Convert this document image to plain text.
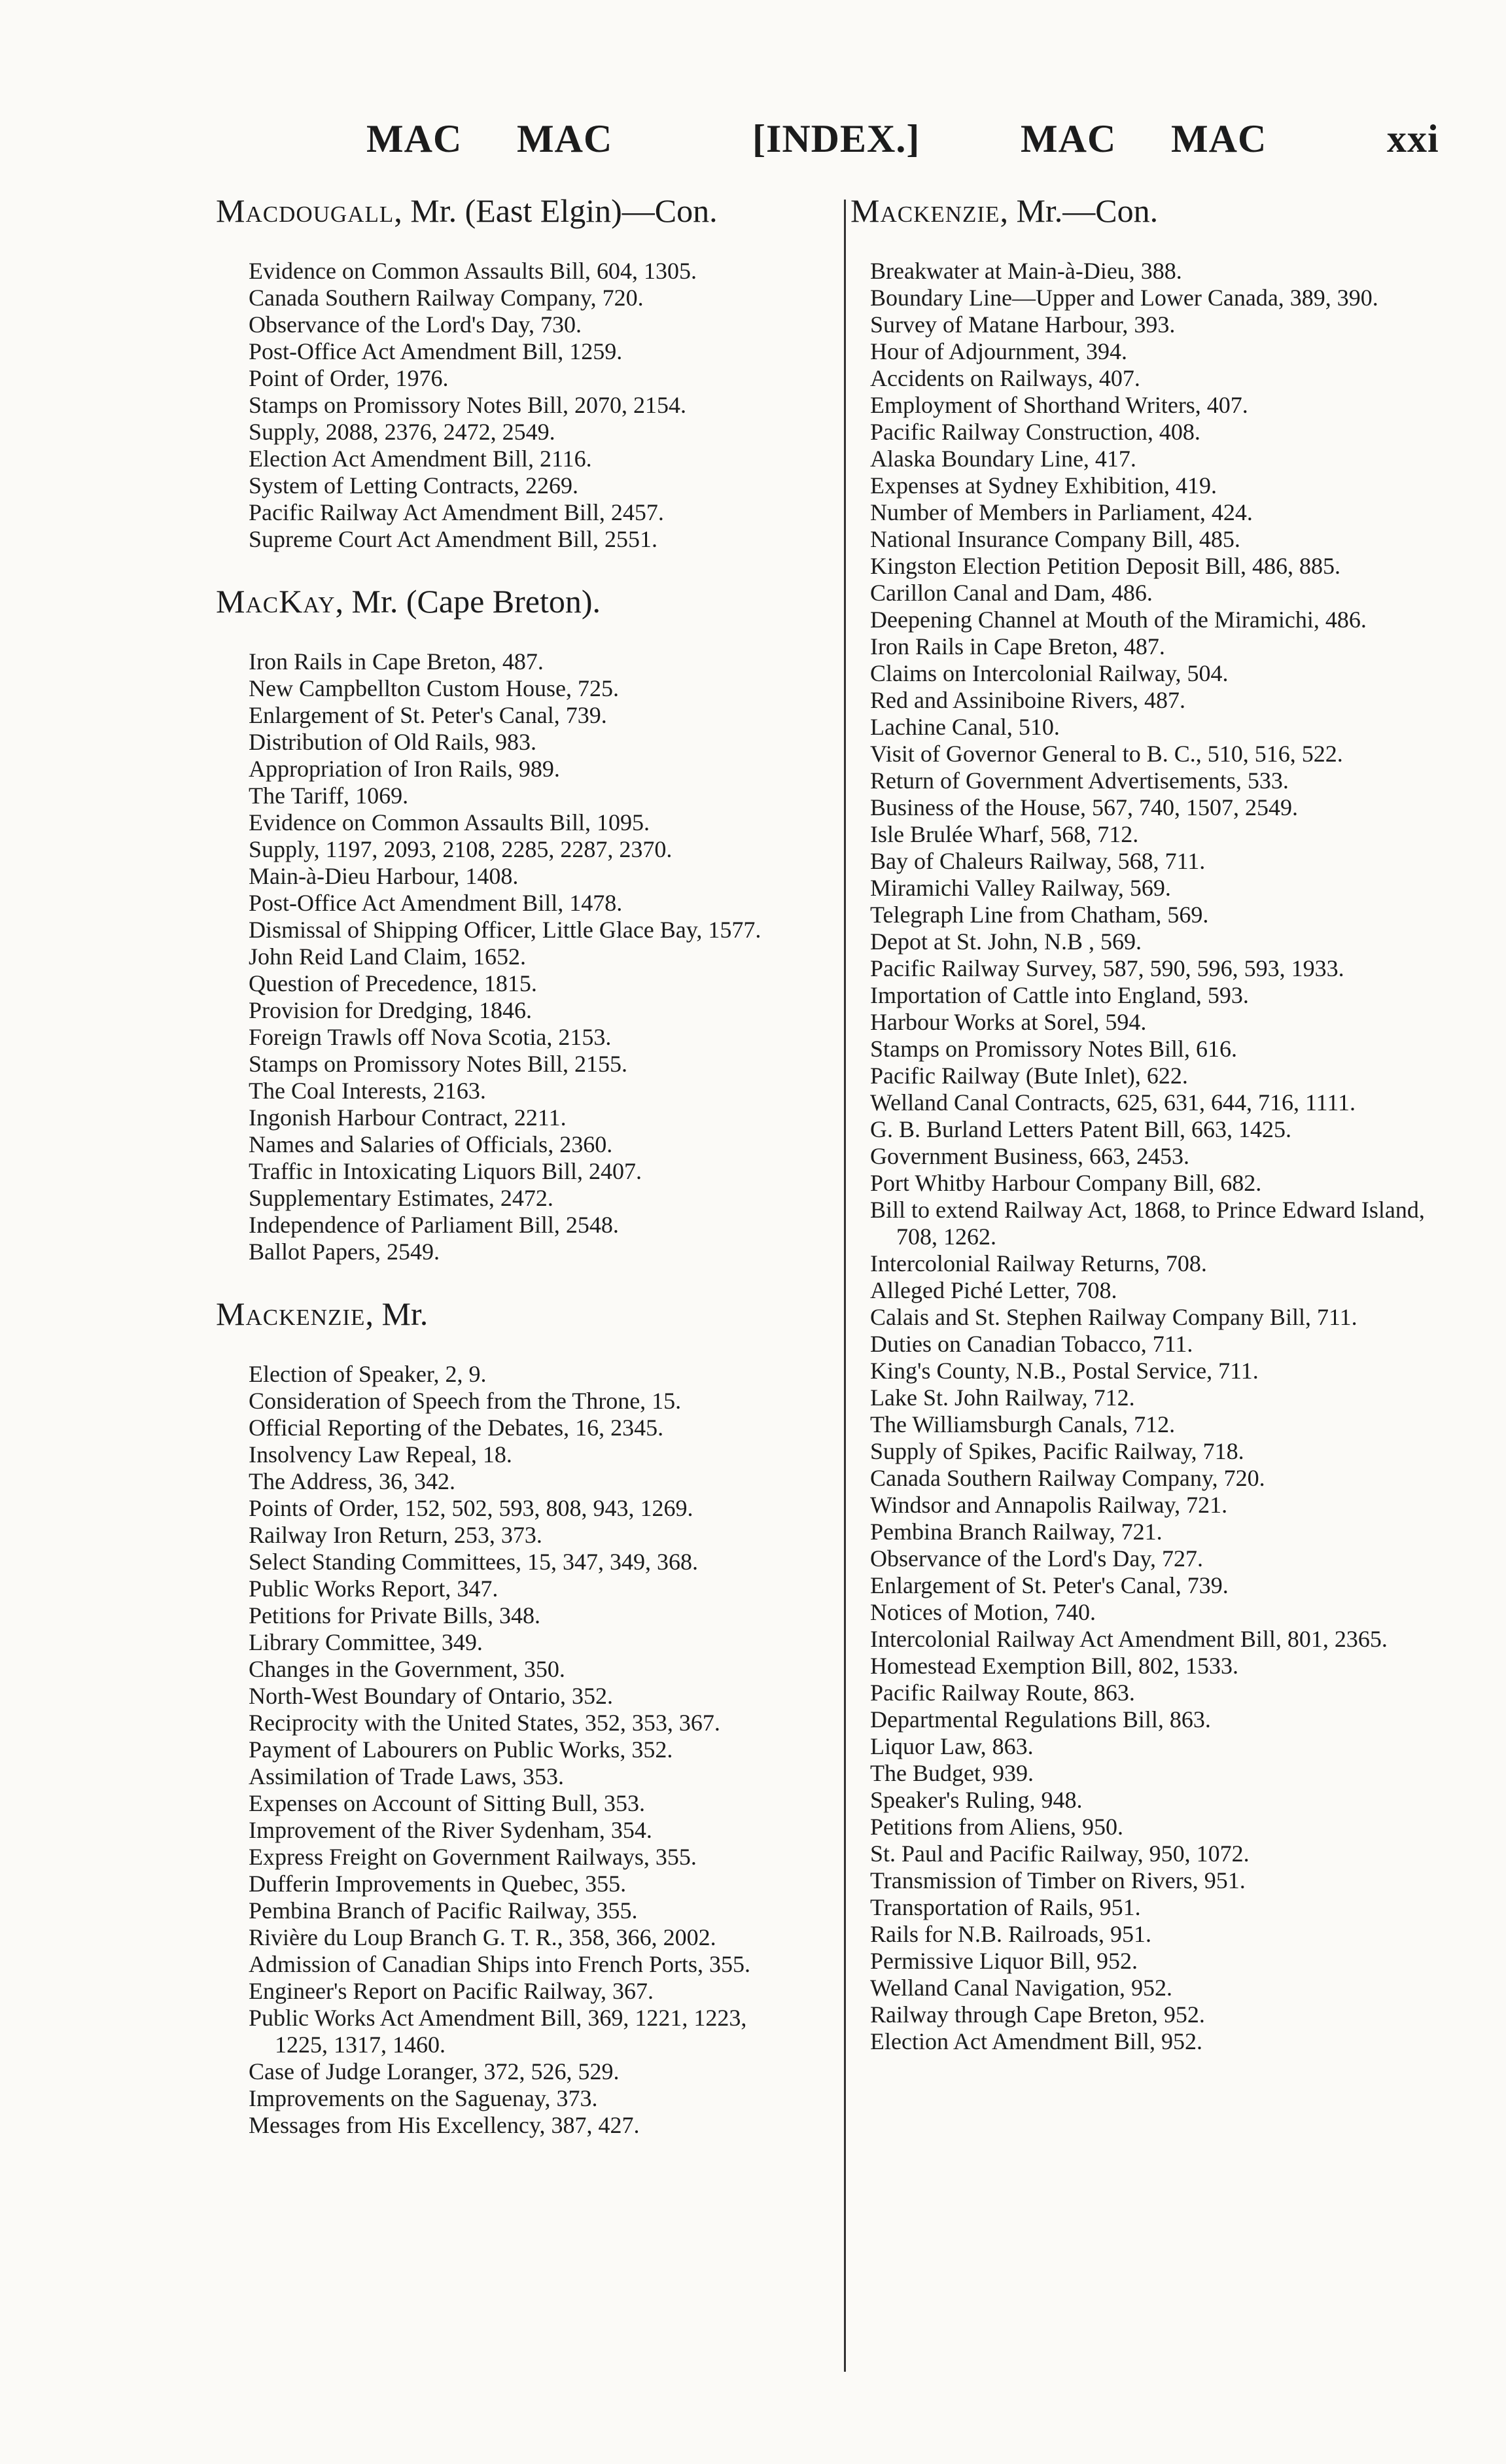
MAC MAC	[INDEX.]	MAC MAC	xxi

Macdougall, Mr. (East Elgin)—Con.

Evidence on Common Assaults Bill, 604, 1305.

Canada Southern Railway Company, 720.

Observance of the Lord's Day, 730.

Post-Office Act Amendment Bill, 1259.

Point of Order, 1976.

Stamps on Promissory Notes Bill, 2070, 2154.

Supply, 2088, 2376, 2472, 2549.

Election Act Amendment Bill, 2116.

System of Letting Contracts, 2269.

Pacific Railway Act Amendment Bill, 2457.

Supreme Court Act Amendment Bill, 2551.

MacKay, Mr. (Cape Breton).

Iron Rails in Cape Breton, 487.

New Campbellton Custom House, 725.

Enlargement of St. Peter's Canal, 739.

Distribution of Old Rails, 983.

Appropriation of Iron Rails, 989.

The Tariff, 1069.

Evidence on Common Assaults Bill, 1095.

Supply, 1197, 2093, 2108, 2285, 2287, 2370.

Main-à-Dieu Harbour, 1408.

Post-Office Act Amendment Bill, 1478.

Dismissal of Shipping Officer, Little Glace Bay, 1577.

John Reid Land Claim, 1652.

Question of Precedence, 1815.

Provision for Dredging, 1846.

Foreign Trawls off Nova Scotia, 2153.

Stamps on Promissory Notes Bill, 2155.

The Coal Interests, 2163.

Ingonish Harbour Contract, 2211.

Names and Salaries of Officials, 2360.

Traffic in Intoxicating Liquors Bill, 2407.

Supplementary Estimates, 2472.

Independence of Parliament Bill, 2548.

Ballot Papers, 2549.

Mackenzie, Mr.

Election of Speaker, 2, 9.

Consideration of Speech from the Throne, 15.

Official Reporting of the Debates, 16, 2345.

Insolvency Law Repeal, 18.

The Address, 36, 342.

Points of Order, 152, 502, 593, 808, 943, 1269.

Railway Iron Return, 253, 373.

Select Standing Committees, 15, 347, 349, 368.

Public Works Report, 347.

Petitions for Private Bills, 348.

Library Committee, 349.

Changes in the Government, 350.

North-West Boundary of Ontario, 352.

Reciprocity with the United States, 352, 353, 367.

Payment of Labourers on Public Works, 352.

Assimilation of Trade Laws, 353.

Expenses on Account of Sitting Bull, 353.

Improvement of the River Sydenham, 354.

Express Freight on Government Railways, 355.

Dufferin Improvements in Quebec, 355.

Pembina Branch of Pacific Railway, 355.

Rivière du Loup Branch G. T. R., 358, 366, 2002.

Admission of Canadian Ships into French Ports, 355.

Engineer's Report on Pacific Railway, 367.

Public Works Act Amendment Bill, 369, 1221, 1223, 1225, 1317, 1460.

Case of Judge Loranger, 372, 526, 529.

Improvements on the Saguenay, 373.

Messages from His Excellency, 387, 427.

Mackenzie, Mr.—Con.

Breakwater at Main-à-Dieu, 388.

Boundary Line—Upper and Lower Canada, 389, 390.

Survey of Matane Harbour, 393.

Hour of Adjournment, 394.

Accidents on Railways, 407.

Employment of Shorthand Writers, 407.

Pacific Railway Construction, 408.

Alaska Boundary Line, 417.

Expenses at Sydney Exhibition, 419.

Number of Members in Parliament, 424.

National Insurance Company Bill, 485.

Kingston Election Petition Deposit Bill, 486, 885.

Carillon Canal and Dam, 486.

Deepening Channel at Mouth of the Miramichi, 486.

Iron Rails in Cape Breton, 487.

Claims on Intercolonial Railway, 504.

Red and Assiniboine Rivers, 487.

Lachine Canal, 510.

Visit of Governor General to B. C., 510, 516, 522.

Return of Government Advertisements, 533.

Business of the House, 567, 740, 1507, 2549.

Isle Brulée Wharf, 568, 712.

Bay of Chaleurs Railway, 568, 711.

Miramichi Valley Railway, 569.

Telegraph Line from Chatham, 569.

Depot at St. John, N.B , 569.

Pacific Railway Survey, 587, 590, 596, 593, 1933.

Importation of Cattle into England, 593.

Harbour Works at Sorel, 594.

Stamps on Promissory Notes Bill, 616.

Pacific Railway (Bute Inlet), 622.

Welland Canal Contracts, 625, 631, 644, 716, 1111.

G. B. Burland Letters Patent Bill, 663, 1425.

Government Business, 663, 2453.

Port Whitby Harbour Company Bill, 682.

Bill to extend Railway Act, 1868, to Prince Edward Island, 708, 1262.

Intercolonial Railway Returns, 708.

Alleged Piché Letter, 708.

Calais and St. Stephen Railway Company Bill, 711.

Duties on Canadian Tobacco, 711.

King's County, N.B., Postal Service, 711.

Lake St. John Railway, 712.

The Williamsburgh Canals, 712.

Supply of Spikes, Pacific Railway, 718.

Canada Southern Railway Company, 720.

Windsor and Annapolis Railway, 721.

Pembina Branch Railway, 721.

Observance of the Lord's Day, 727.

Enlargement of St. Peter's Canal, 739.

Notices of Motion, 740.

Intercolonial Railway Act Amendment Bill, 801, 2365.

Homestead Exemption Bill, 802, 1533.

Pacific Railway Route, 863.

Departmental Regulations Bill, 863.

Liquor Law, 863.

The Budget, 939.

Speaker's Ruling, 948.

Petitions from Aliens, 950.

St. Paul and Pacific Railway, 950, 1072.

Transmission of Timber on Rivers, 951.

Transportation of Rails, 951.

Rails for N.B. Railroads, 951.

Permissive Liquor Bill, 952.

Welland Canal Navigation, 952.

Railway through Cape Breton, 952.

Election Act Amendment Bill, 952.
